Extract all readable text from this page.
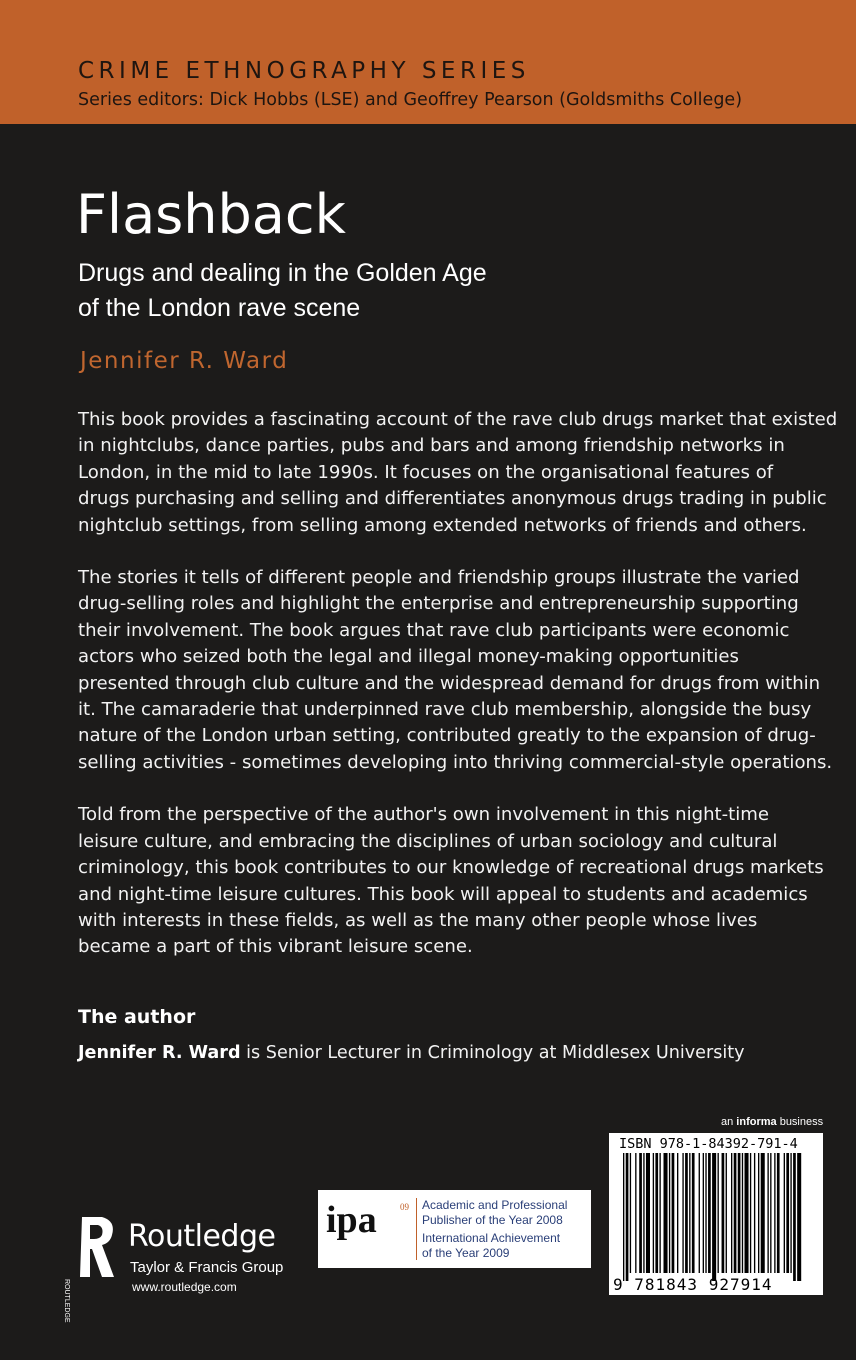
CRIME ETHNOGRAPHY SERIES
Series editors: Dick Hobbs (LSE) and Geoffrey Pearson (Goldsmiths College)
Flashback
Drugs and dealing in the Golden Age
of the London rave scene
Jennifer R. Ward

This book provides a fascinating account of the rave club drugs market that existed
in nightclubs, dance parties, pubs and bars and among friendship networks in
London, in the mid to late 1990s. It focuses on the organisational features of
drugs purchasing and selling and differentiates anonymous drugs trading in public
nightclub settings, from selling among extended networks of friends and others.

The stories it tells of different people and friendship groups illustrate the varied
drug-selling roles and highlight the enterprise and entrepreneurship supporting
their involvement. The book argues that rave club participants were economic
actors who seized both the legal and illegal money-making opportunities
presented through club culture and the widespread demand for drugs from within
it. The camaraderie that underpinned rave club membership, alongside the busy
nature of the London urban setting, contributed greatly to the expansion of drug-
selling activities - sometimes developing into thriving commercial-style operations.

Told from the perspective of the author's own involvement in this night-time
leisure culture, and embracing the disciplines of urban sociology and cultural
criminology, this book contributes to our knowledge of recreational drugs markets
and night-time leisure cultures. This book will appeal to students and academics
with interests in these fields, as well as the many other people whose lives
became a part of this vibrant leisure scene.

The author
Jennifer R. Ward is Senior Lecturer in Criminology at Middlesex University
an informa business
ISBN 978-1-84392-791-4
9 781843 927914
ipa	09 Academic and Professional
Publisher of the Year 2008
International Achievement
of the Year 2009
ROUTLEDGE
Routledge
Taylor & Francis Group
www.routledge.com
